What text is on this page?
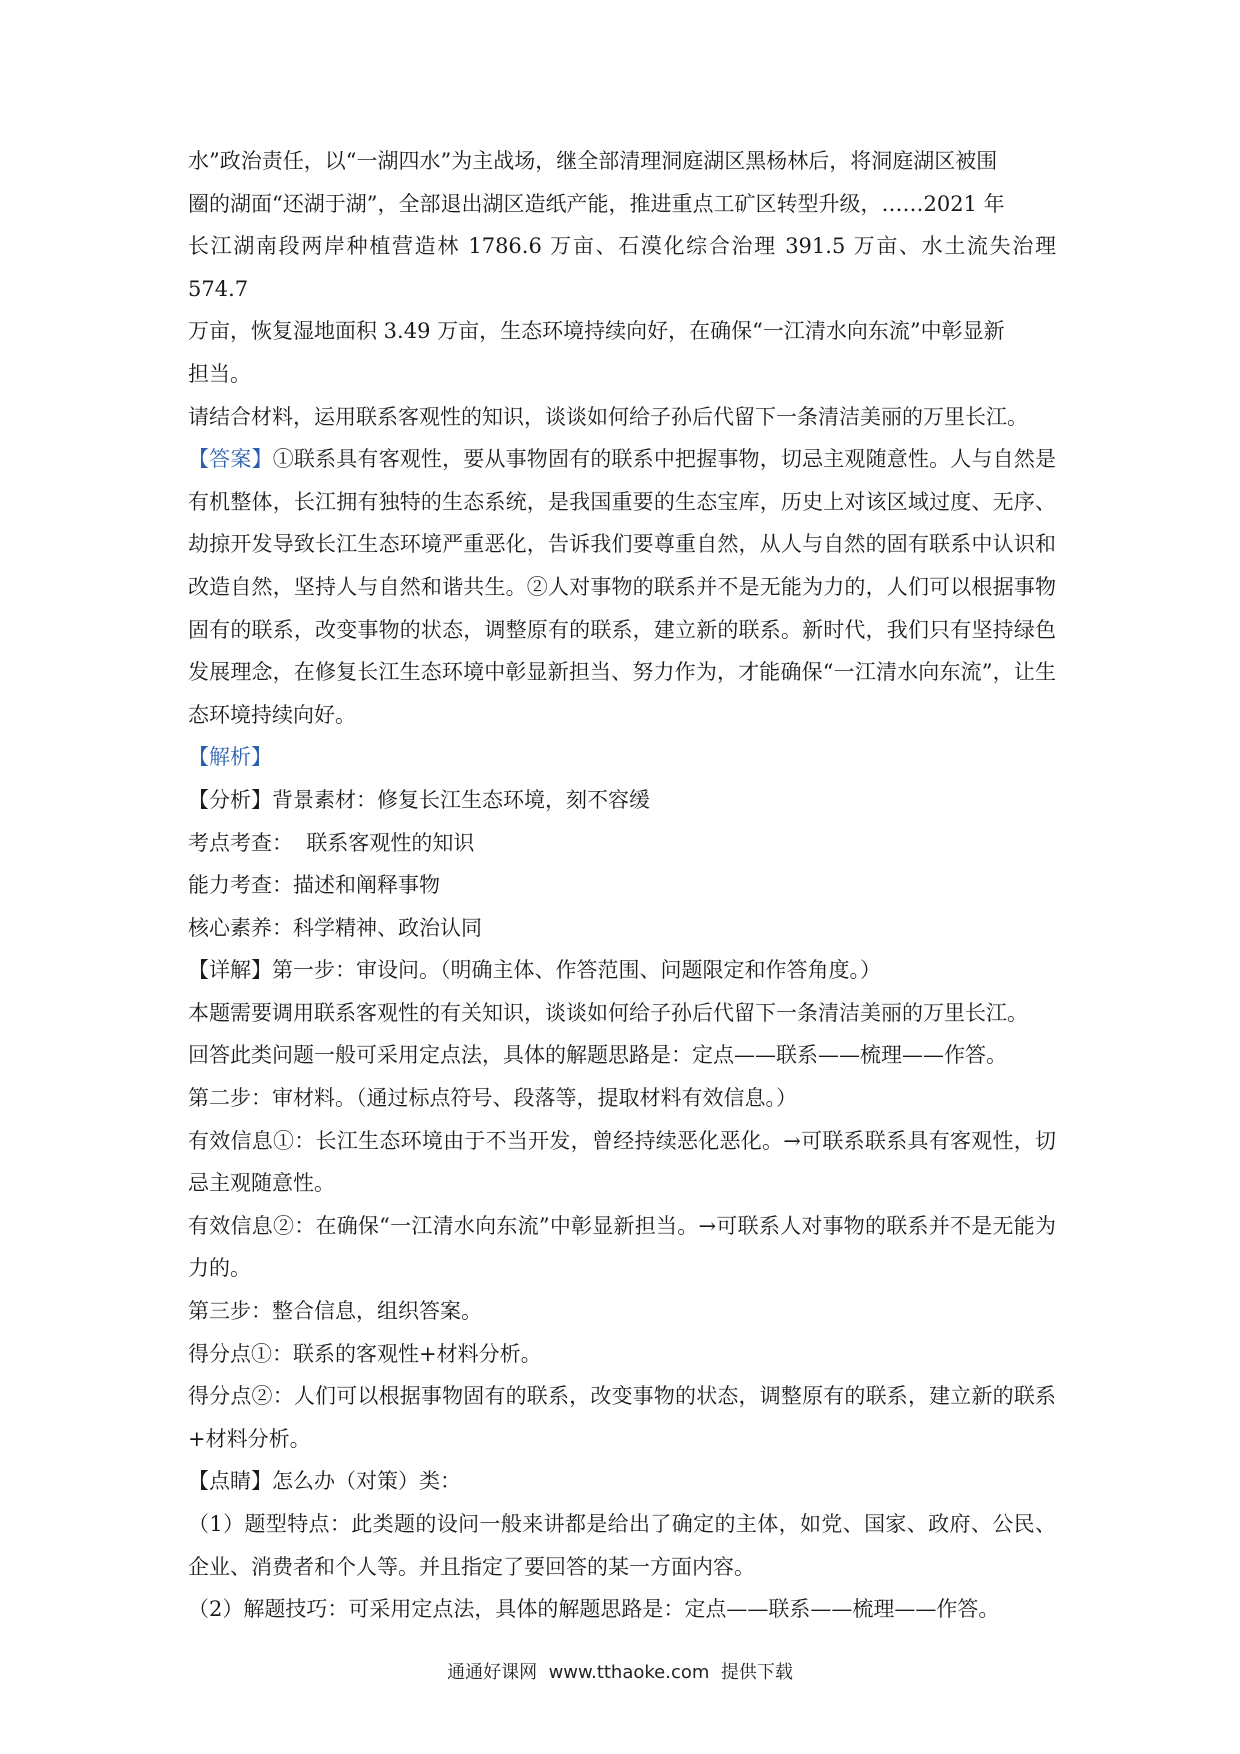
水”政治责任，以“一湖四水”为主战场，继全部清理洞庭湖区黑杨林后，将洞庭湖区被围

圈的湖面“还湖于湖”，全部退出湖区造纸产能，推进重点工矿区转型升级，……2021 年

长江湖南段两岸种植营造林 1786.6 万亩、石漠化综合治理 391.5 万亩、水土流失治理 574.7

万亩，恢复湿地面积 3.49 万亩，生态环境持续向好，在确保“一江清水向东流”中彰显新

担当。

请结合材料，运用联系客观性的知识，谈谈如何给子孙后代留下一条清洁美丽的万里长江。

【答案】①联系具有客观性，要从事物固有的联系中把握事物，切忌主观随意性。人与自然是有机整体，长江拥有独特的生态系统，是我国重要的生态宝库，历史上对该区域过度、无序、劫掠开发导致长江生态环境严重恶化，告诉我们要尊重自然，从人与自然的固有联系中认识和改造自然，坚持人与自然和谐共生。②人对事物的联系并不是无能为力的，人们可以根据事物固有的联系，改变事物的状态，调整原有的联系，建立新的联系。新时代，我们只有坚持绿色发展理念，在修复长江生态环境中彰显新担当、努力作为，才能确保“一江清水向东流”，让生态环境持续向好。

【解析】

【分析】背景素材：修复长江生态环境，刻不容缓

考点考查：  联系客观性的知识

能力考查：描述和阐释事物

核心素养：科学精神、政治认同

【详解】第一步：审设问。（明确主体、作答范围、问题限定和作答角度。）

本题需要调用联系客观性的有关知识，谈谈如何给子孙后代留下一条清洁美丽的万里长江。

回答此类问题一般可采用定点法，具体的解题思路是：定点——联系——梳理——作答。

第二步：审材料。（通过标点符号、段落等，提取材料有效信息。）

有效信息①：长江生态环境由于不当开发，曾经持续恶化恶化。→可联系联系具有客观性，切忌主观随意性。

有效信息②：在确保“一江清水向东流”中彰显新担当。→可联系人对事物的联系并不是无能为力的。

第三步：整合信息，组织答案。

得分点①：联系的客观性+材料分析。

得分点②：人们可以根据事物固有的联系，改变事物的状态，调整原有的联系，建立新的联系+材料分析。

【点睛】怎么办（对策）类：

（1）题型特点：此类题的设问一般来讲都是给出了确定的主体，如党、国家、政府、公民、企业、消费者和个人等。并且指定了要回答的某一方面内容。

（2）解题技巧：可采用定点法，具体的解题思路是：定点——联系——梳理——作答。

通通好课网  www.tthaoke.com  提供下载
